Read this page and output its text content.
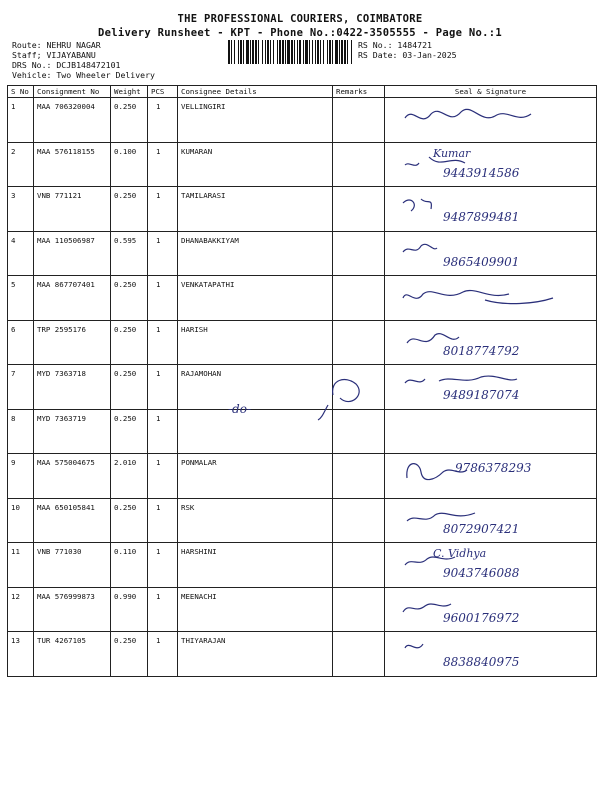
THE PROFESSIONAL COURIERS, COIMBATORE
Delivery Runsheet - KPT - Phone No.:0422-3505555 - Page No.:1
Route: NEHRU NAGAR
Staff; VIJAYABANU
DRS No.: DCJB148472101
Vehicle: Two Wheeler Delivery
RS No.: 1484721
RS Date: 03-Jan-2025
S No	Consignment No	Weight	PCS	Consignee Details	Remarks	Seal & Signature
1	MAA 706320004	0.250	1	VELLINGIRI		

2	MAA 576118155	0.100	1	KUMARAN		Kumar
9443914586

3	VNB 771121	0.250	1	TAMILARASI		9487899481

4	MAA 110506987	0.595	1	DHANABAKKIYAM		9865409901

5	MAA 867707401	0.250	1	VENKATAPATHI		

6	TRP 2595176	0.250	1	HARISH		8018774792

7	MYD 7363718	0.250	1	RAJAMOHAN		9489187074

8	MYD 7363719	0.250	1			

9	MAA 575004675	2.010	1	PONMALAR		9786378293

10	MAA 650105841	0.250	1	RSK		8072907421

11	VNB 771030	0.110	1	HARSHINI		C. Vidhya
9043746088

12	MAA 576999873	0.990	1	MEENACHI		9600176972

13	TUR 4267105	0.250	1	THIYARAJAN		8838840975
-do-
